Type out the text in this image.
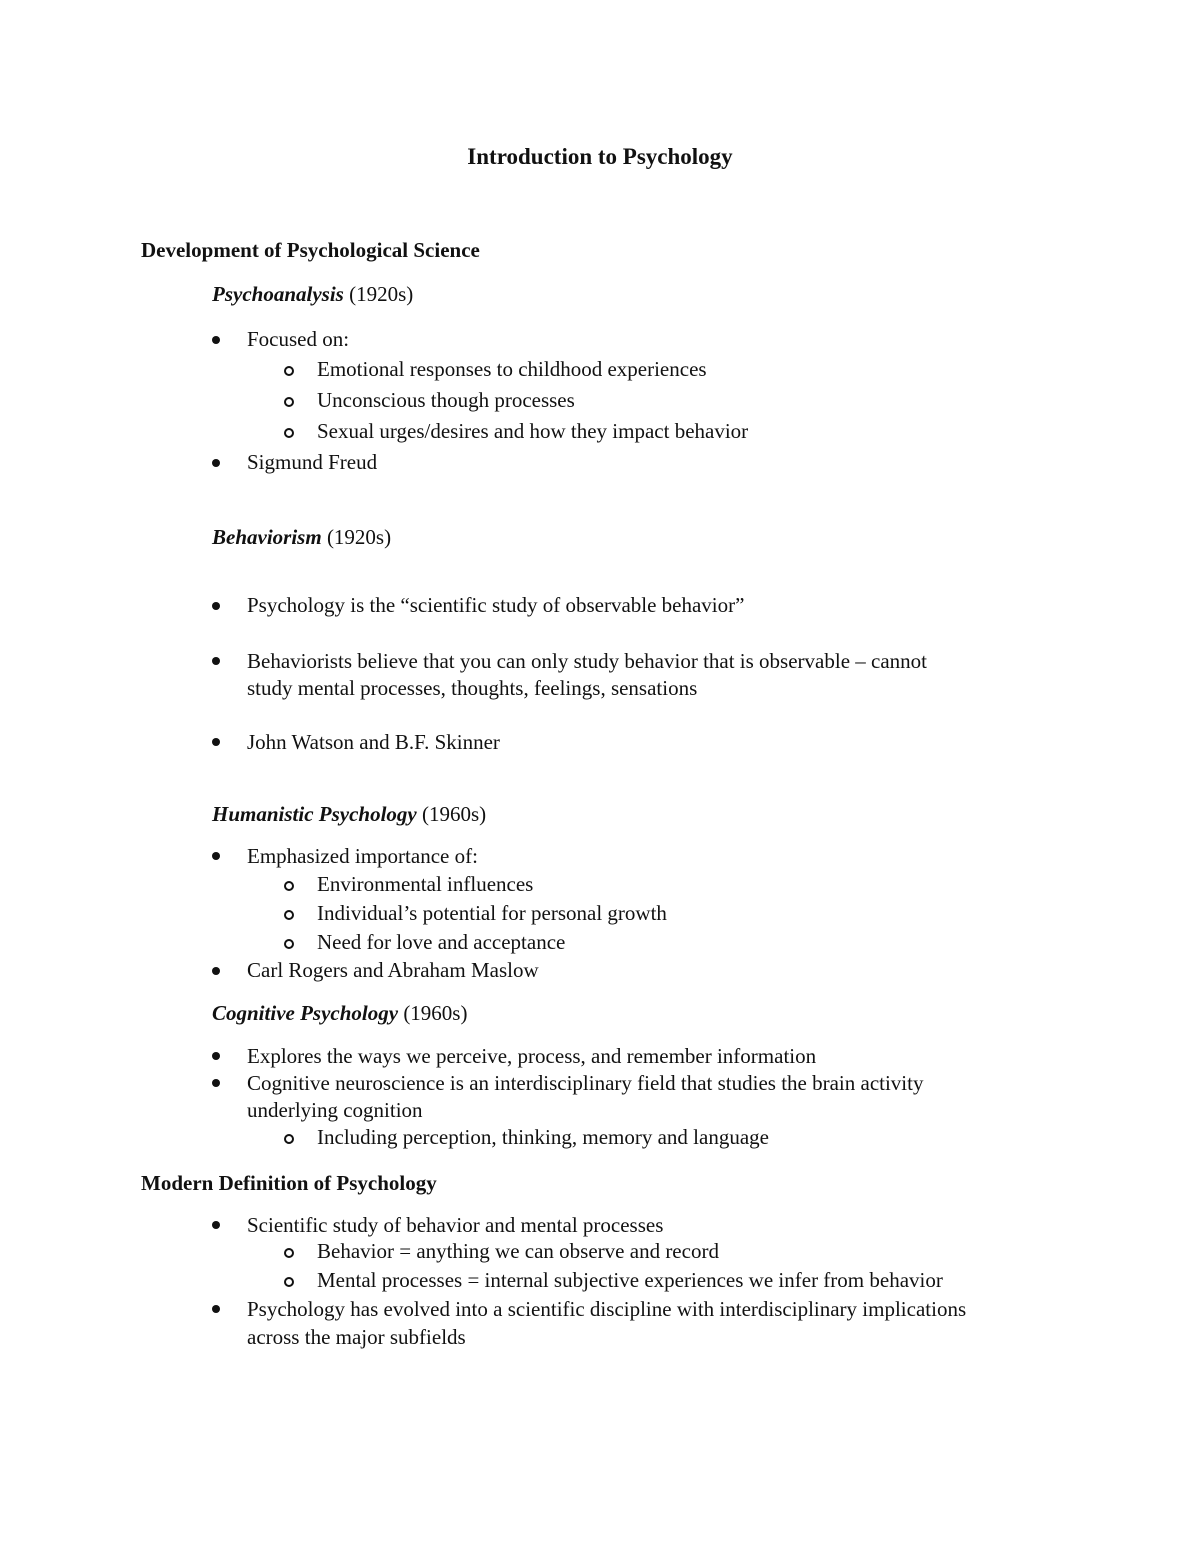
Introduction to Psychology
Development of Psychological Science
Psychoanalysis (1920s)
Focused on:
Emotional responses to childhood experiences
Unconscious though processes
Sexual urges/desires and how they impact behavior
Sigmund Freud
Behaviorism (1920s)
Psychology is the “scientific study of observable behavior”
Behaviorists believe that you can only study behavior that is observable – cannot
study mental processes, thoughts, feelings, sensations
John Watson and B.F. Skinner
Humanistic Psychology (1960s)
Emphasized importance of:
Environmental influences
Individual’s potential for personal growth
Need for love and acceptance
Carl Rogers and Abraham Maslow
Cognitive Psychology (1960s)
Explores the ways we perceive, process, and remember information
Cognitive neuroscience is an interdisciplinary field that studies the brain activity
underlying cognition
Including perception, thinking, memory and language
Modern Definition of Psychology
Scientific study of behavior and mental processes
Behavior = anything we can observe and record
Mental processes = internal subjective experiences we infer from behavior
Psychology has evolved into a scientific discipline with interdisciplinary implications
across the major subfields
